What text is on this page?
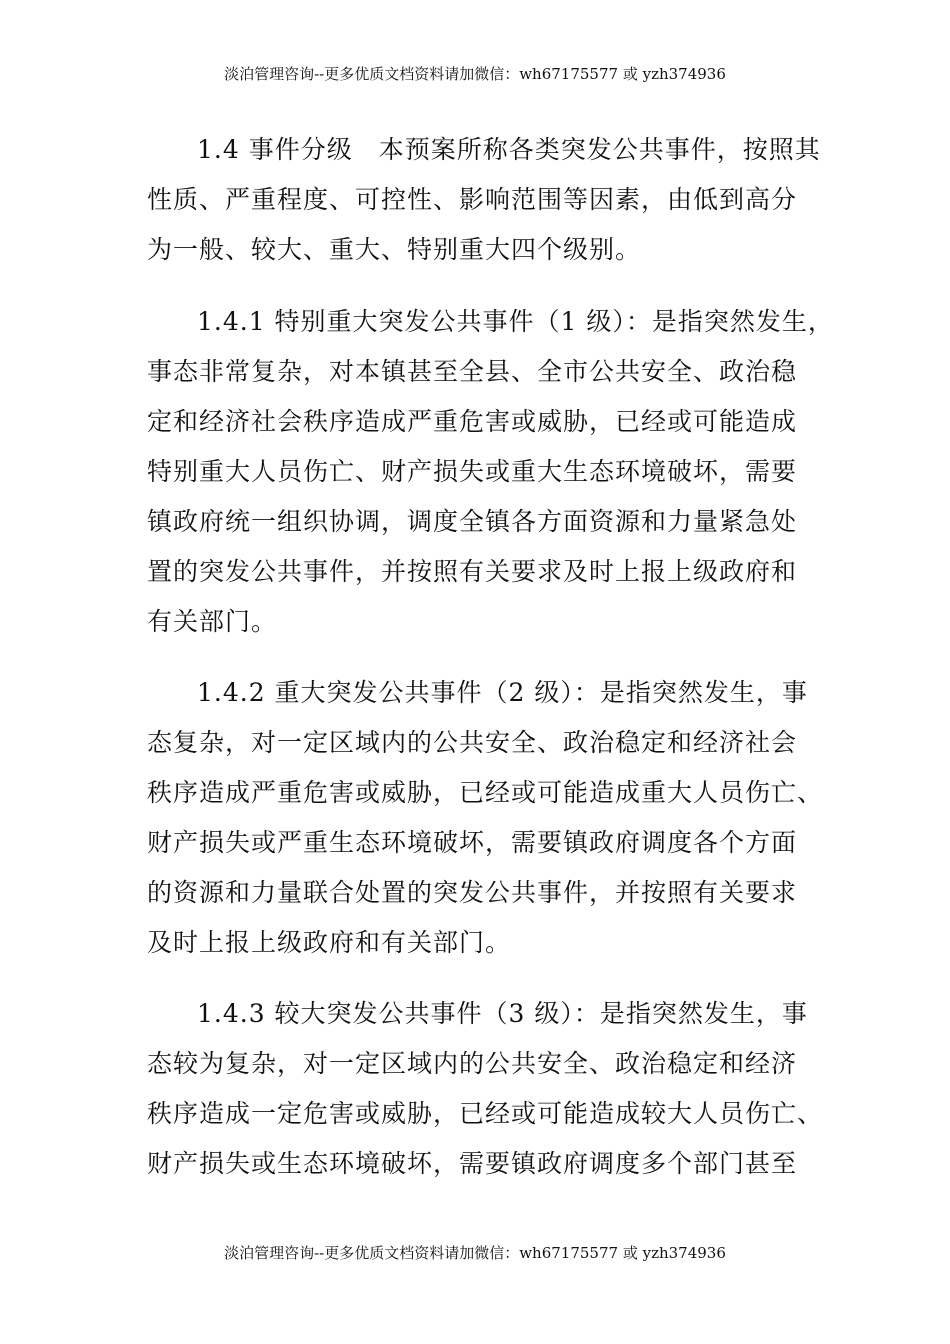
淡泊管理咨询--更多优质文档资料请加微信：wh67175577 或 yzh374936
1.4 事件分级　本预案所称各类突发公共事件，按照其
性质、严重程度、可控性、影响范围等因素，由低到高分
为一般、较大、重大、特别重大四个级别。
1.4.1 特别重大突发公共事件（1 级）：是指突然发生，
事态非常复杂，对本镇甚至全县、全市公共安全、政治稳
定和经济社会秩序造成严重危害或威胁，已经或可能造成
特别重大人员伤亡、财产损失或重大生态环境破坏，需要
镇政府统一组织协调，调度全镇各方面资源和力量紧急处
置的突发公共事件，并按照有关要求及时上报上级政府和
有关部门。
1.4.2 重大突发公共事件（2 级）：是指突然发生，事
态复杂，对一定区域内的公共安全、政治稳定和经济社会
秩序造成严重危害或威胁，已经或可能造成重大人员伤亡、
财产损失或严重生态环境破坏，需要镇政府调度各个方面
的资源和力量联合处置的突发公共事件，并按照有关要求
及时上报上级政府和有关部门。
1.4.3 较大突发公共事件（3 级）：是指突然发生，事
态较为复杂，对一定区域内的公共安全、政治稳定和经济
秩序造成一定危害或威胁，已经或可能造成较大人员伤亡、
财产损失或生态环境破坏，需要镇政府调度多个部门甚至
淡泊管理咨询--更多优质文档资料请加微信：wh67175577 或 yzh374936
